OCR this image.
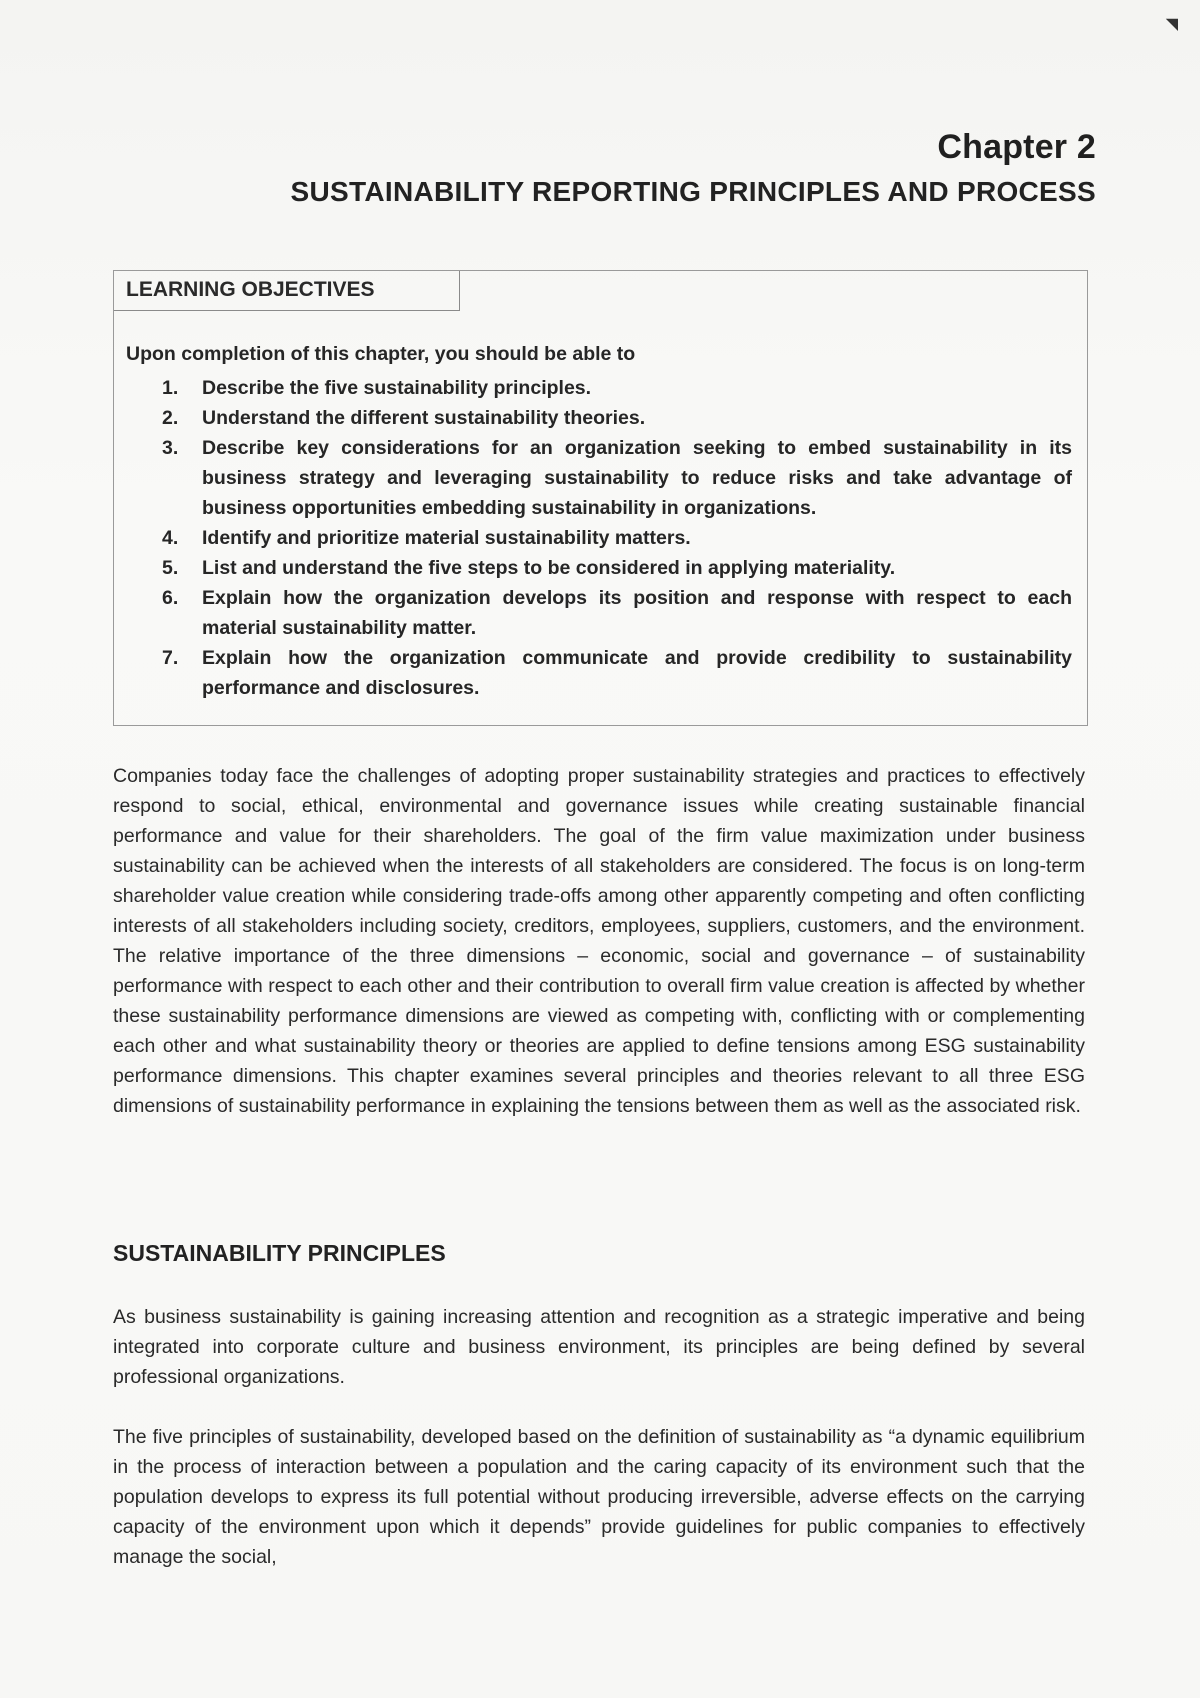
◥
Chapter 2
SUSTAINABILITY REPORTING PRINCIPLES AND PROCESS
LEARNING OBJECTIVES
Upon completion of this chapter, you should be able to
1. Describe the five sustainability principles.
2. Understand the different sustainability theories.
3. Describe key considerations for an organization seeking to embed sustainability in its business strategy and leveraging sustainability to reduce risks and take advantage of business opportunities embedding sustainability in organizations.
4. Identify and prioritize material sustainability matters.
5. List and understand the five steps to be considered in applying materiality.
6. Explain how the organization develops its position and response with respect to each material sustainability matter.
7. Explain how the organization communicate and provide credibility to sustainability performance and disclosures.

Companies today face the challenges of adopting proper sustainability strategies and practices to effectively respond to social, ethical, environmental and governance issues while creating sustainable financial performance and value for their shareholders. The goal of the firm value maximization under business sustainability can be achieved when the interests of all stakeholders are considered. The focus is on long-term shareholder value creation while considering trade-offs among other apparently competing and often conflicting interests of all stakeholders including society, creditors, employees, suppliers, customers, and the environment. The relative importance of the three dimensions – economic, social and governance – of sustainability performance with respect to each other and their contribution to overall firm value creation is affected by whether these sustainability performance dimensions are viewed as competing with, conflicting with or complementing each other and what sustainability theory or theories are applied to define tensions among ESG sustainability performance dimensions. This chapter examines several principles and theories relevant to all three ESG dimensions of sustainability performance in explaining the tensions between them as well as the associated risk.

SUSTAINABILITY PRINCIPLES

As business sustainability is gaining increasing attention and recognition as a strategic imperative and being integrated into corporate culture and business environment, its principles are being defined by several professional organizations.

The five principles of sustainability, developed based on the definition of sustainability as “a dynamic equilibrium in the process of interaction between a population and the caring capacity of its environment such that the population develops to express its full potential without producing irreversible, adverse effects on the carrying capacity of the environment upon which it depends” provide guidelines for public companies to effectively manage the social,
